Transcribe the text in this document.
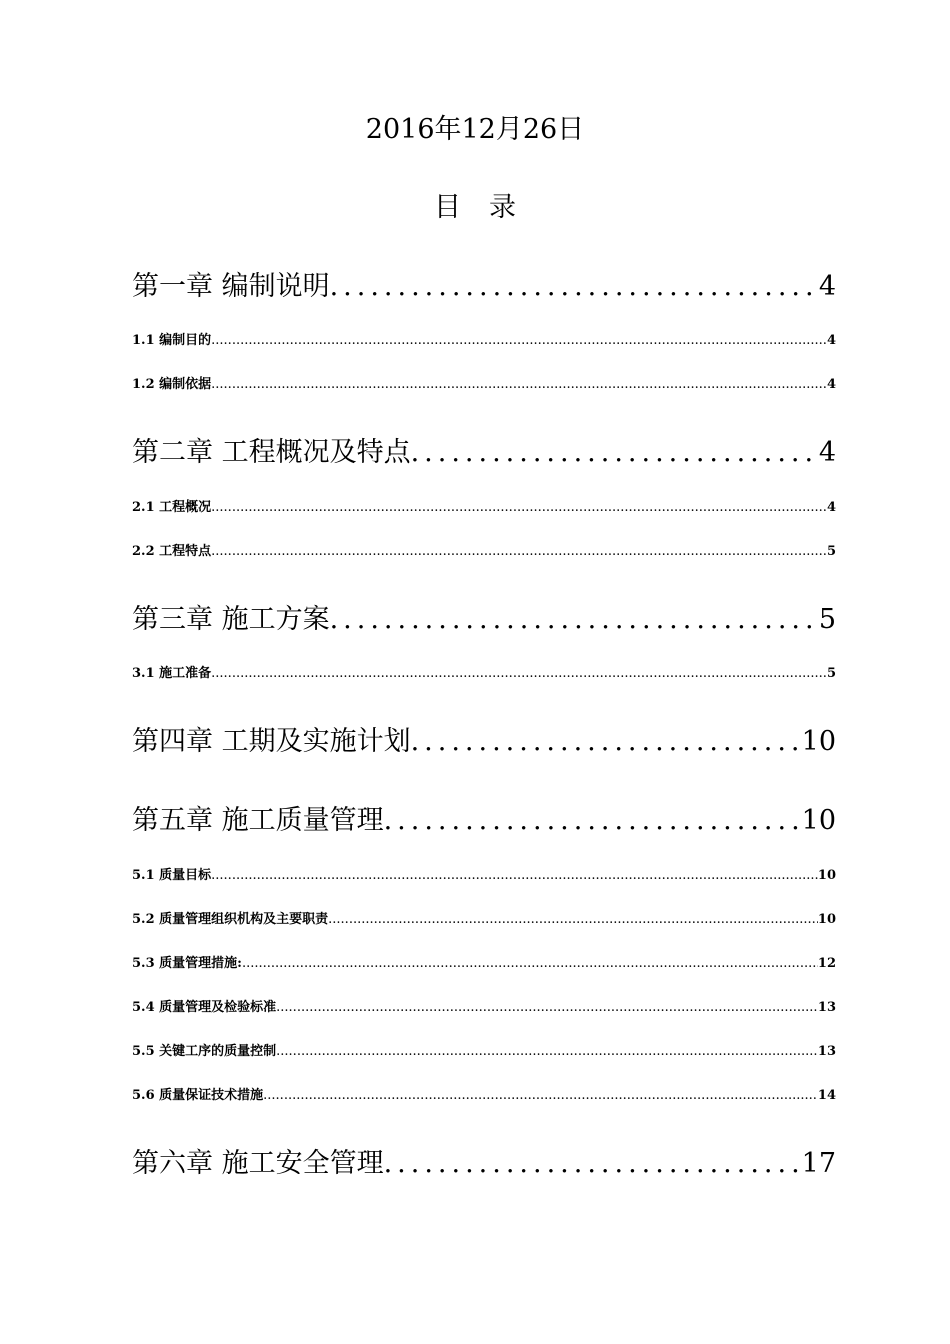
2016年12月26日
目录
第一章 编制说明 .....	4
1.1 编制目的 .....	4
1.2 编制依据 .....	4
第二章 工程概况及特点 .....	4
2.1 工程概况 .....	4
2.2 工程特点 .....	5
第三章 施工方案 .....	5
3.1 施工准备 .....	5
第四章 工期及实施计划 .....	10
第五章 施工质量管理 .....	10
5.1 质量目标 .....	10
5.2 质量管理组织机构及主要职责 .....	10
5.3 质量管理措施: .....	12
5.4 质量管理及检验标准 .....	13
5.5 关键工序的质量控制 .....	13
5.6 质量保证技术措施 .....	14
第六章 施工安全管理 .....	17
